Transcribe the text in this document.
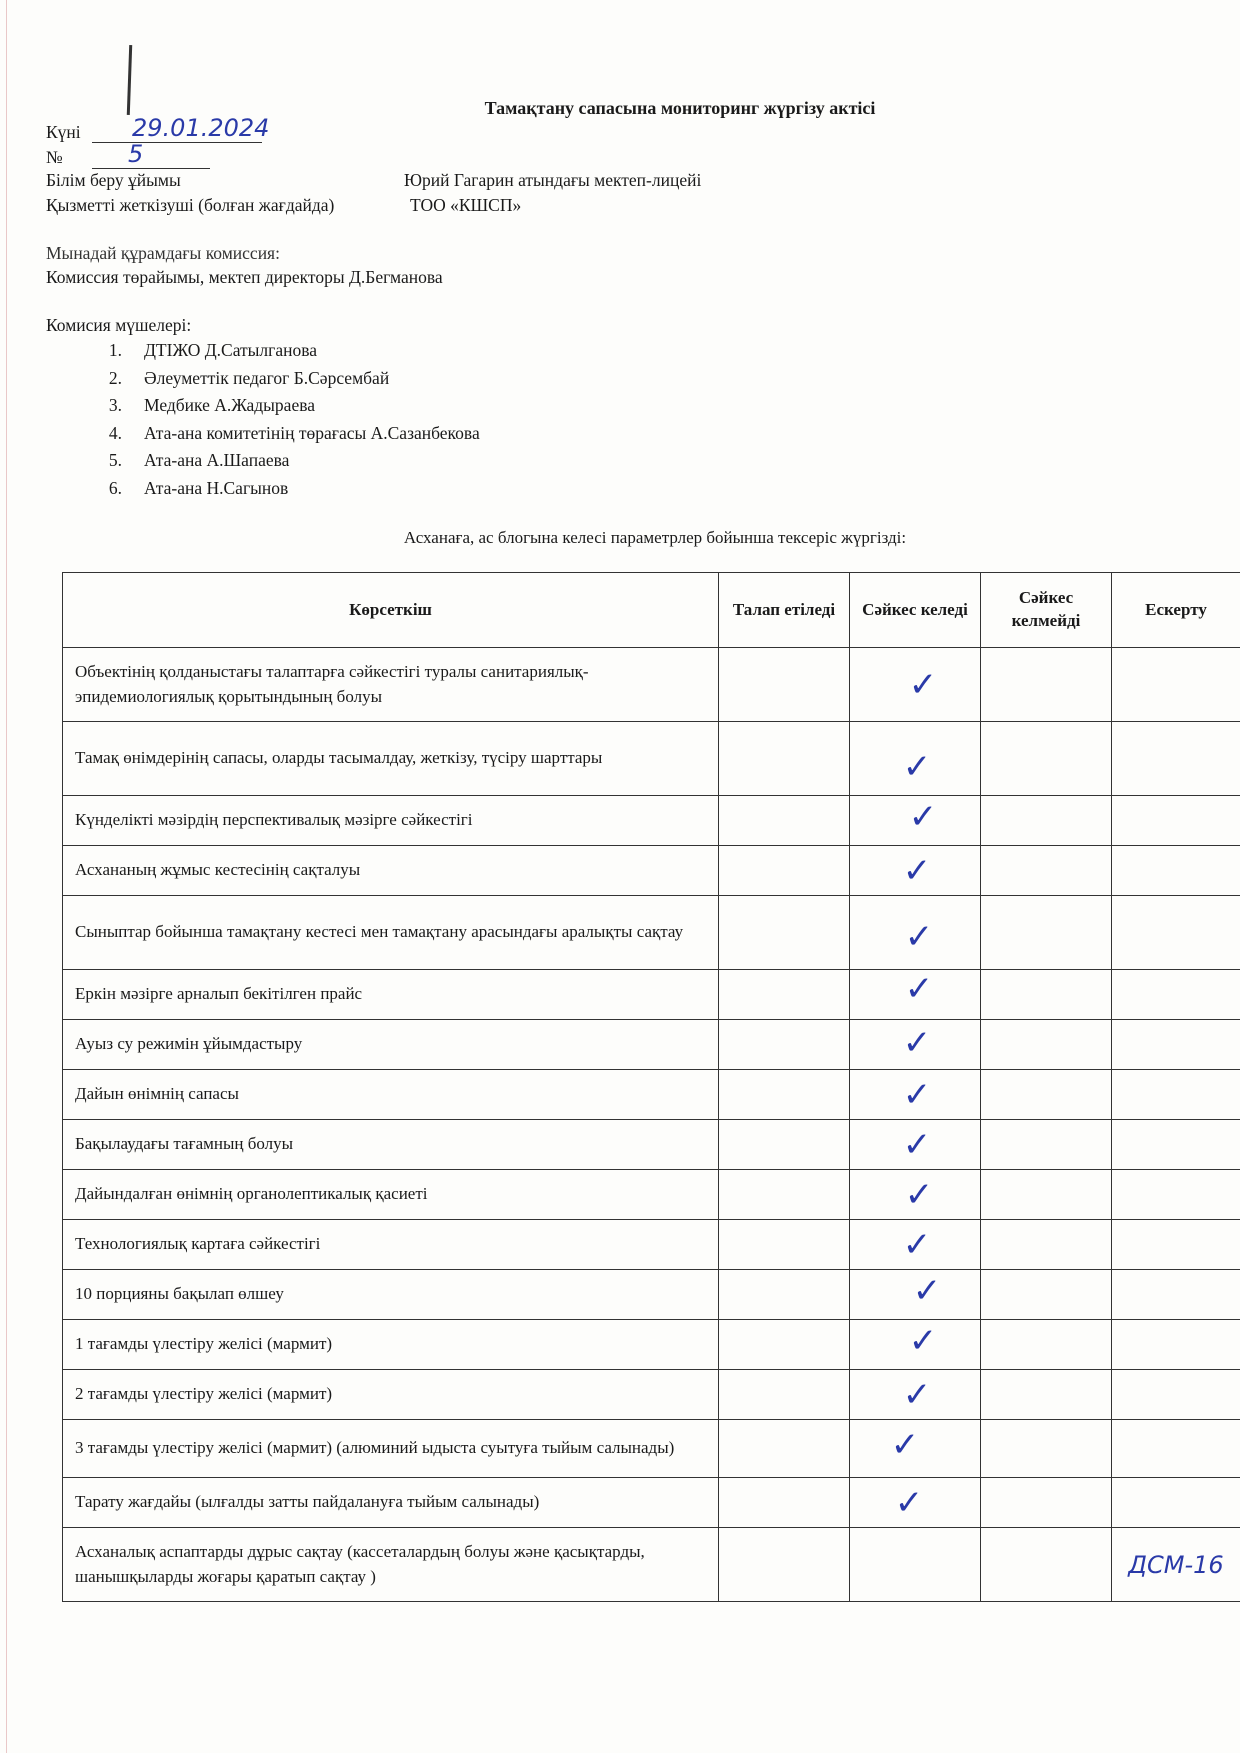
Тамақтану сапасына мониторинг жүргізу актісі
Күні 29.01.2024
№	5
Білім беру ұйымы	Юрий Гагарин атындағы мектеп-лицейі
Қызметті жеткізуші (болған жағдайда)	ТОО «КШСП»
Мынадай құрамдағы комиссия:
Комиссия төрайымы, мектеп директоры Д.Бегманова
Комисия мүшелері:
1.	ДТІЖО Д.Сатылганова
2.	Әлеуметтік педагог Б.Сәрсембай
3.	Медбике А.Жадыраева
4.	Ата-ана комитетінің төрағасы А.Сазанбекова
5.	Ата-ана А.Шапаева
6.	Ата-ана Н.Сагынов
Асханаға, ас блогына келесі параметрлер бойынша тексеріс жүргізді:
Көрсеткіш	Талап етіледі	Сәйкес келеді	Сәйкес келмейді	Ескерту
Объектінің қолданыстағы талаптарға сәйкестігі туралы санитариялық-эпидемиологиялық қорытындының болуы		✓		
Тамақ өнімдерінің сапасы, оларды тасымалдау, жеткізу, түсіру шарттары		✓		
Күнделікті мәзірдің перспективалық мәзірге сәйкестігі		✓		
Асхананың жұмыс кестесінің сақталуы		✓		
Сыныптар бойынша тамақтану кестесі мен тамақтану арасындағы аралықты сақтау		✓		
Еркін мәзірге арналып бекітілген прайс		✓		
Ауыз су режимін ұйымдастыру		✓		
Дайын өнімнің сапасы		✓		
Бақылаудағы тағамның болуы		✓		
Дайындалған өнімнің органолептикалық қасиеті		✓		
Технологиялық картаға сәйкестігі		✓		
10 порцияны бақылап өлшеу		✓		
1 тағамды үлестіру желісі (мармит)		✓		
2 тағамды үлестіру желісі (мармит)		✓		
3 тағамды үлестіру желісі (мармит) (алюминий ыдыста суытуға тыйым салынады)		✓		
Тарату жағдайы (ылғалды затты пайдалануға тыйым салынады)		✓		
Асханалық аспаптарды дұрыс сақтау (кассеталардың болуы және қасықтарды, шанышқыларды жоғары қаратып сақтау )				ДСМ-16
